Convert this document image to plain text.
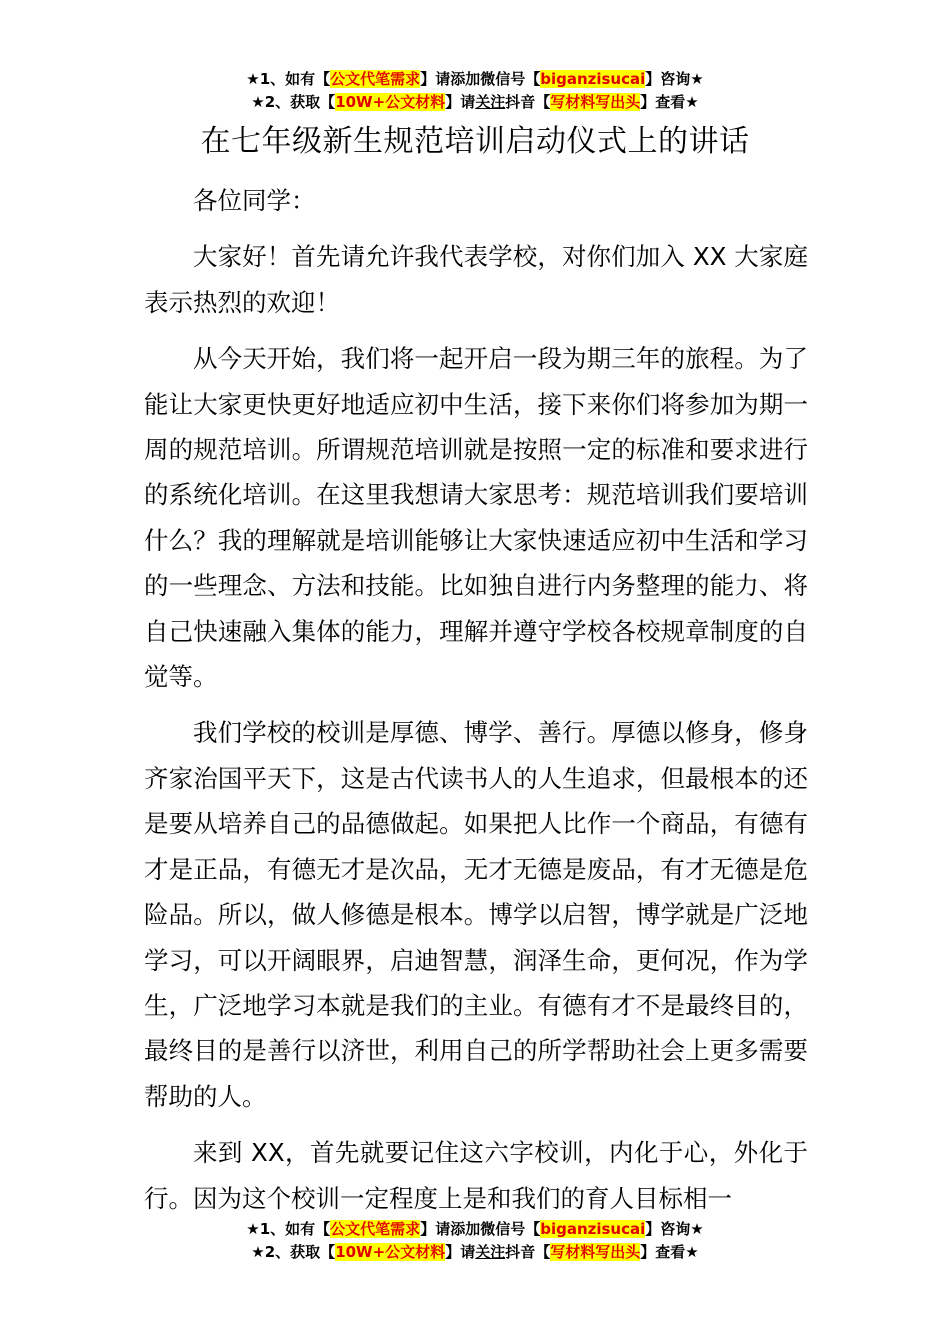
★1、如有【公文代笔需求】请添加微信号【biganzisucai】咨询★
★2、获取【10W+公文材料】请关注抖音【写材料写出头】查看★
在七年级新生规范培训启动仪式上的讲话

各位同学：

大家好！首先请允许我代表学校，对你们加入 XX 大家庭表示热烈的欢迎！

从今天开始，我们将一起开启一段为期三年的旅程。为了能让大家更快更好地适应初中生活，接下来你们将参加为期一周的规范培训。所谓规范培训就是按照一定的标准和要求进行的系统化培训。在这里我想请大家思考：规范培训我们要培训什么？我的理解就是培训能够让大家快速适应初中生活和学习的一些理念、方法和技能。比如独自进行内务整理的能力、将自己快速融入集体的能力，理解并遵守学校各校规章制度的自觉等。

我们学校的校训是厚德、博学、善行。厚德以修身，修身齐家治国平天下，这是古代读书人的人生追求，但最根本的还是要从培养自己的品德做起。如果把人比作一个商品，有德有才是正品，有德无才是次品，无才无德是废品，有才无德是危险品。所以，做人修德是根本。博学以启智，博学就是广泛地学习，可以开阔眼界，启迪智慧，润泽生命，更何况，作为学生，广泛地学习本就是我们的主业。有德有才不是最终目的，最终目的是善行以济世，利用自己的所学帮助社会上更多需要帮助的人。

来到 XX，首先就要记住这六字校训，内化于心，外化于行。因为这个校训一定程度上是和我们的育人目标相一

★1、如有【公文代笔需求】请添加微信号【biganzisucai】咨询★
★2、获取【10W+公文材料】请关注抖音【写材料写出头】查看★
